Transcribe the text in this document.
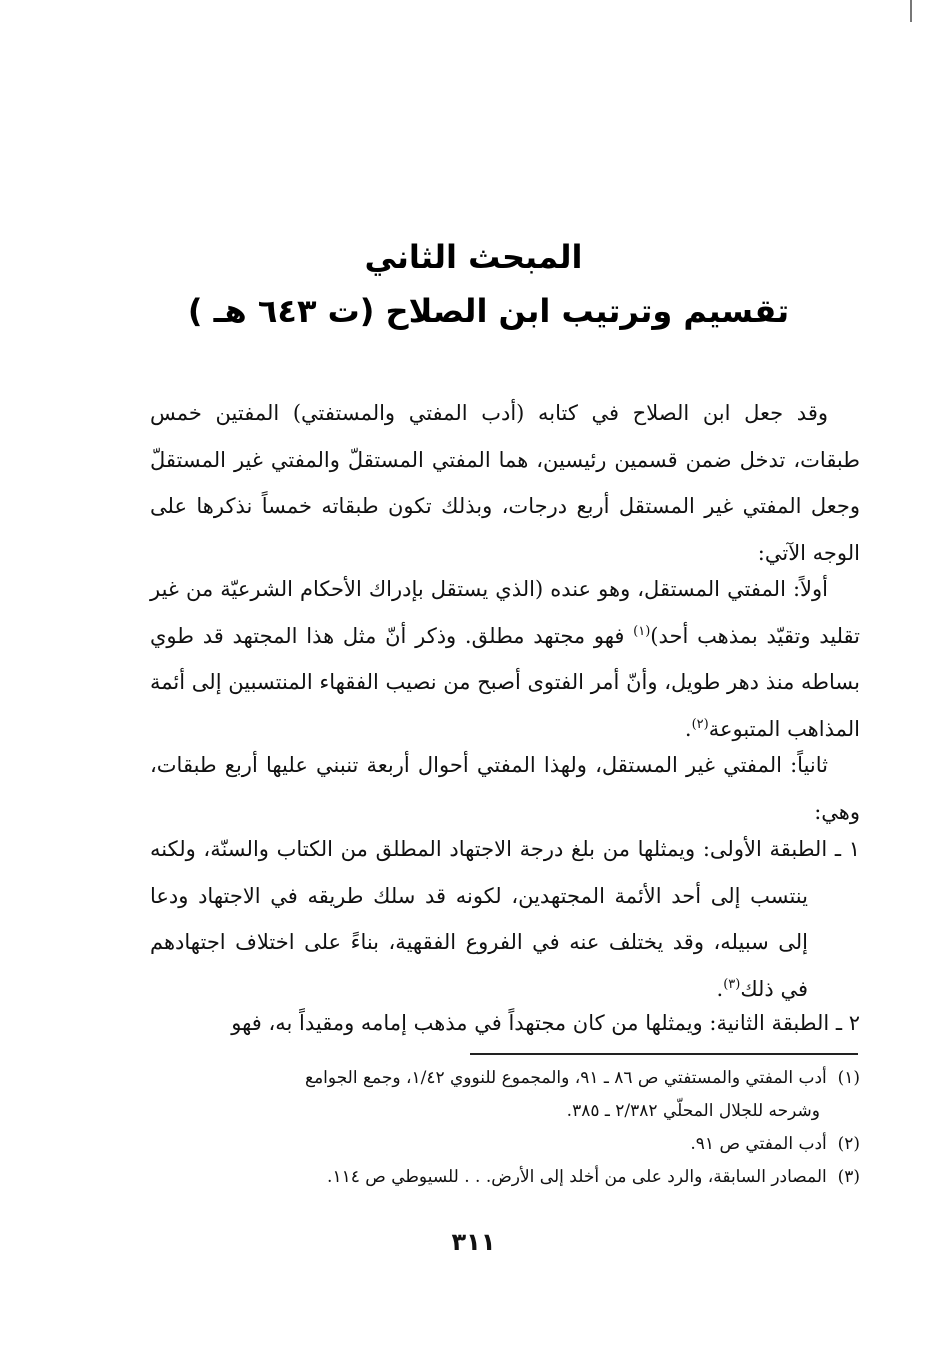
المبحث الثاني
تقسيم وترتيب ابن الصلاح (ت ٦٤٣ هـ )
وقد جعل ابن الصلاح في كتابه (أدب المفتي والمستفتي) المفتين خمس طبقات، تدخل ضمن قسمين رئيسين، هما المفتي المستقلّ والمفتي غير المستقلّ وجعل المفتي غير المستقل أربع درجات، وبذلك تكون طبقاته خمساً نذكرها على الوجه الآتي:
أولاً: المفتي المستقل، وهو عنده (الذي يستقل بإدراك الأحكام الشرعيّة من غير تقليد وتقيّد بمذهب أحد)$^{(١)}$ فهو مجتهد مطلق. وذكر أنّ مثل هذا المجتهد قد طوي بساطه منذ دهر طويل، وأنّ أمر الفتوى أصبح من نصيب الفقهاء المنتسبين إلى أئمة المذاهب المتبوعة$^{(٢)}$.
ثانياً: المفتي غير المستقل، ولهذا المفتي أحوال أربعة تنبني عليها أربع طبقات، وهي:
١ ـ الطبقة الأولى: ويمثلها من بلغ درجة الاجتهاد المطلق من الكتاب والسنّة، ولكنه ينتسب إلى أحد الأئمة المجتهدين، لكونه قد سلك طريقه في الاجتهاد ودعا إلى سبيله، وقد يختلف عنه في الفروع الفقهية، بناءً على اختلاف اجتهادهم في ذلك$^{(٣)}$.
٢ ـ الطبقة الثانية: ويمثلها من كان مجتهداً في مذهب إمامه ومقيداً به، فهو
(١)  أدب المفتي والمستفتي ص ٨٦ ـ ٩١، والمجموع للنووي ١/٤٢، وجمع الجوامع
وشرحه للجلال المحلّي ٢/٣٨٢ ـ ٣٨٥.
(٢)  أدب المفتي ص ٩١.
(٣)  المصادر السابقة، والرد على من أخلد إلى الأرض. . . للسيوطي ص ١١٤.
٣١١
